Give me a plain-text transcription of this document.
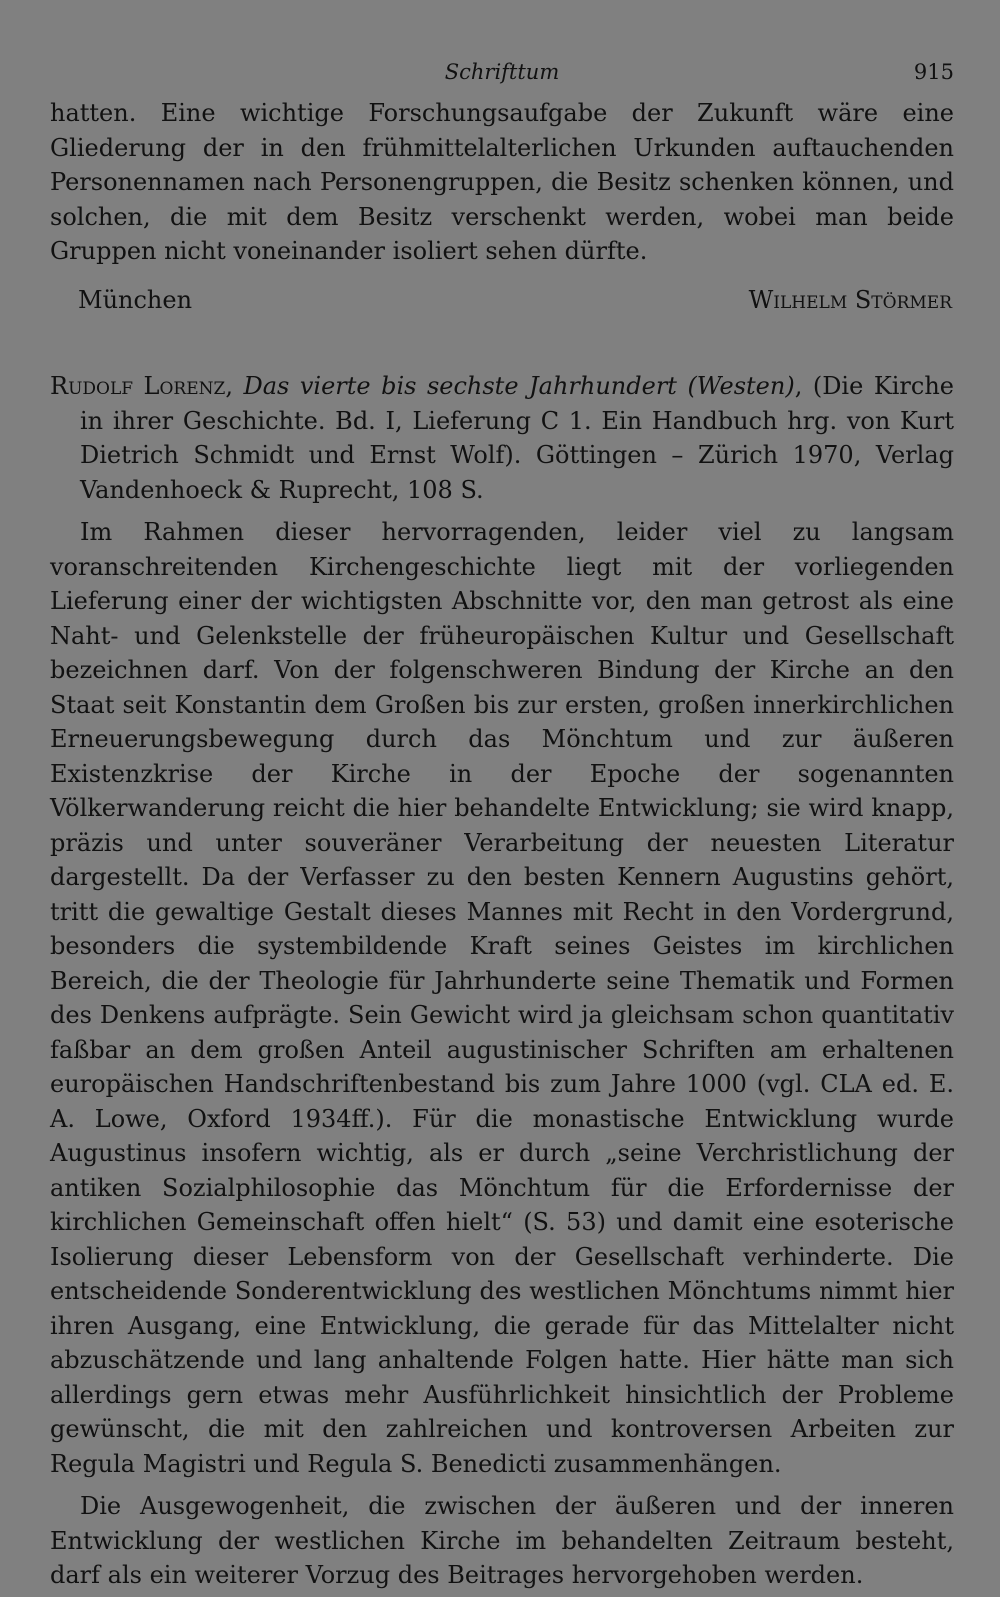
Schrifttum	915

hatten. Eine wichtige Forschungsaufgabe der Zukunft wäre eine Gliederung der in den frühmittelalterlichen Urkunden auftauchenden Personennamen nach Personengruppen, die Besitz schenken können, und solchen, die mit dem Besitz verschenkt werden, wobei man beide Gruppen nicht voneinander isoliert sehen dürfte.

München	Wilhelm Störmer

Rudolf Lorenz, Das vierte bis sechste Jahrhundert (Westen), (Die Kirche in ihrer Geschichte. Bd. I, Lieferung C 1. Ein Handbuch hrg. von Kurt Dietrich Schmidt und Ernst Wolf). Göttingen – Zürich 1970, Verlag Vandenhoeck & Ruprecht, 108 S.

Im Rahmen dieser hervorragenden, leider viel zu langsam voranschreitenden Kirchengeschichte liegt mit der vorliegenden Lieferung einer der wichtigsten Abschnitte vor, den man getrost als eine Naht- und Gelenkstelle der frühеuropäischen Kultur und Gesellschaft bezeichnen darf. Von der folgenschweren Bindung der Kirche an den Staat seit Konstantin dem Großen bis zur ersten, großen innerkirchlichen Erneuerungsbewegung durch das Mönchtum und zur äußeren Existenzkrise der Kirche in der Epoche der sogenannten Völkerwanderung reicht die hier behandelte Entwicklung; sie wird knapp, präzis und unter souveräner Verarbeitung der neuesten Literatur dargestellt. Da der Verfasser zu den besten Kennern Augustins gehört, tritt die gewaltige Gestalt dieses Mannes mit Recht in den Vordergrund, besonders die systembildende Kraft seines Geistes im kirchlichen Bereich, die der Theologie für Jahrhunderte seine Thematik und Formen des Denkens aufprägte. Sein Gewicht wird ja gleichsam schon quantitativ faßbar an dem großen Anteil augustinischer Schriften am erhaltenen europäischen Handschriftenbestand bis zum Jahre 1000 (vgl. CLA ed. E. A. Lowe, Oxford 1934ff.). Für die monastische Entwicklung wurde Augustinus insofern wichtig, als er durch „seine Verchristlichung der antiken Sozialphilosophie das Mönchtum für die Erfordernisse der kirchlichen Gemeinschaft offen hielt“ (S. 53) und damit eine esoterische Isolierung dieser Lebensform von der Gesellschaft verhinderte. Die entscheidende Sonderentwicklung des westlichen Mönchtums nimmt hier ihren Ausgang, eine Entwicklung, die gerade für das Mittelalter nicht abzuschätzende und lang anhaltende Folgen hatte. Hier hätte man sich allerdings gern etwas mehr Ausführlichkeit hinsichtlich der Probleme gewünscht, die mit den zahlreichen und kontroversen Arbeiten zur Regula Magistri und Regula S. Benedicti zusammenhängen.

Die Ausgewogenheit, die zwischen der äußeren und der inneren Entwicklung der westlichen Kirche im behandelten Zeitraum besteht, darf als ein weiterer Vorzug des Beitrages hervorgehoben werden.
